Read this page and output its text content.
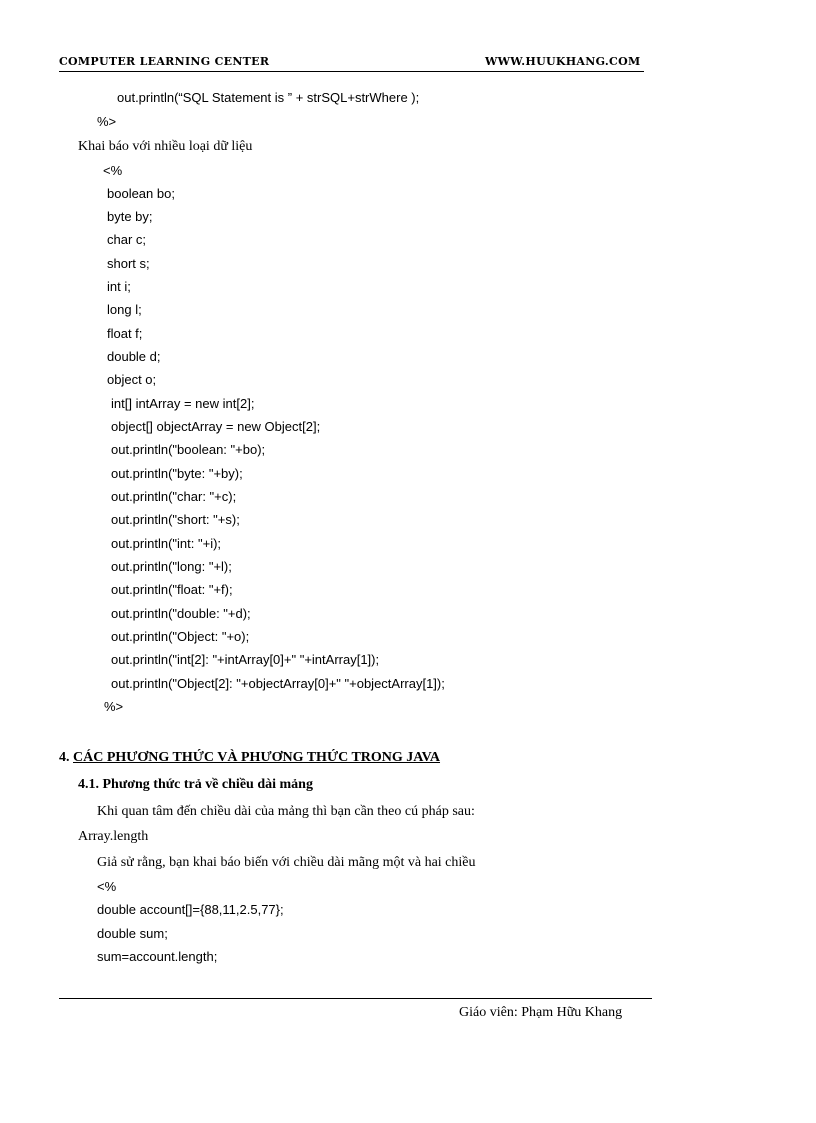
COMPUTER LEARNING CENTER	WWW.HUUKHANG.COM
out.println(“SQL Statement is ” + strSQL+strWhere );
%>
Khai báo với nhiều loại dữ liệu
<%
boolean bo;
byte by;
char c;
short s;
int i;
long l;
float f;
double d;
object o;
int[] intArray = new int[2];
object[] objectArray = new Object[2];
out.println("boolean: "+bo);
out.println("byte: "+by);
out.println("char: "+c);
out.println("short: "+s);
out.println("int: "+i);
out.println("long: "+l);
out.println("float: "+f);
out.println("double: "+d);
out.println("Object: "+o);
out.println("int[2]: "+intArray[0]+" "+intArray[1]);
out.println("Object[2]: "+objectArray[0]+" "+objectArray[1]);
%>
4. CÁC PHƯƠNG THỨC VÀ PHƯƠNG THỨC TRONG JAVA
4.1. Phương thức trả về chiều dài mảng
Khi quan tâm đến chiều dài của mảng thì bạn cần theo cú pháp sau:
Array.length
Giả sử rằng, bạn khai báo biến với chiều dài mãng một và hai chiều
<%
double account[]={88,11,2.5,77};
double sum;
sum=account.length;
Giáo viên: Phạm Hữu Khang
